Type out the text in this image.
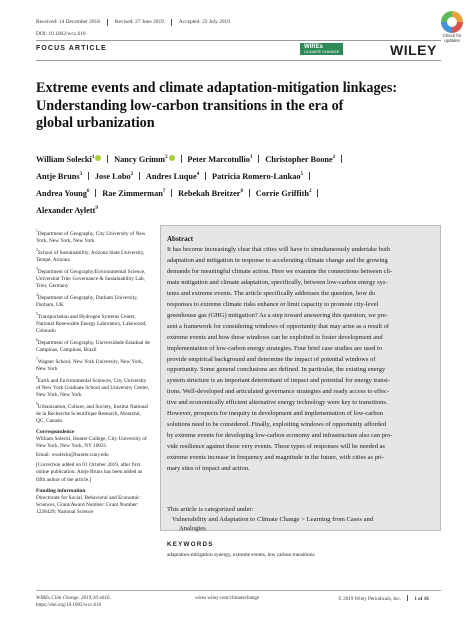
Received: 14 December 2018	Revised: 27 June 2019	Accepted: 23 July 2019
DOI: 10.1002/wcc.616	Check for updates
FOCUS ARTICLE	WIREs
CLIMATE CHANGE	WILEY
Extreme events and climate adaptation-mitigation linkages:
Understanding low-carbon transitions in the era of
global urbanization
William Solecki$^1$ Nancy Grimm$^2$ Peter Marcotullio$^1$ Christopher Boone$^2$
Antje Bruns$^3$ Jose Lobo$^2$ Andres Luque$^4$ Patricia Romero-Lankao$^5$
Andrea Young$^6$ Rae Zimmerman$^7$ Rebekah Breitzer$^8$ Corrie Griffith$^2$
Alexander Aylett$^9$

$^1$Department of Geography, City University of New York, New York, New York

$^2$School of Sustainability, Arizona State University, Tempe, Arizona

$^3$Department of Geography/Environmental Science, Universitat Trier Governance & Sustainability Lab, Trier, Germany

$^4$Department of Geography, Durham University, Durham, UK

$^5$Transportation and Hydrogen Systems Center, National Renewable Energy Laboratory, Lakewood, Colorado

$^6$Department of Geography, Universidade Estadual de Campinas, Campinas, Brazil

$^7$Wagner School, New York University, New York, New York

$^8$Earth and Environmental Sciences, City University of New York Graduate School and University Center, New York, New York

$^9$Urbanisation, Culture, and Society, Institut National de la Recherche Scientifique Research, Montréal, QC, Canada

Correspondence

William Solecki, Hunter College, City University of New York, New York, NY 10031.

Email: wsolecki@hunter.cuny.edu

[Correction added on 01 October 2019, after first online publication: Antje Bruns has been added as fifth author of the article.]

Funding information

Directorate for Social, Behavioral and Economic Sciences, Grant/Award Number: Grant Number: 1228429; National Science

Abstract
It has become increasingly clear that cities will have to simultaneously undertake both
adaptation and mitigation in response to accelerating climate change and the growing
demands for meaningful climate action. Here we examine the connections between cli-
mate mitigation and climate adaptation, specifically, between low-carbon energy sys-
tems and extreme events. The article specifically addresses the question, how do
responses to extreme climate risks enhance or limit capacity to promote city-level
greenhouse gas (GHG) mitigation? As a step toward answering this question, we pre-
sent a framework for considering windows of opportunity that may arise as a result of
extreme events and how these windows can be exploited to foster development and
implementation of low-carbon energy strategies. Four brief case studies are used to
provide empirical background and determine the impact of potential windows of
opportunity. Some general conclusions are defined. In particular, the existing energy
system structure is an important determinant of impact and potential for energy transi-
tions. Well-developed and articulated governance strategies and ready access to effec-
tive and economically efficient alternative energy technology were key to transitions.
However, prospects for inequity in development and implementation of low-carbon
solutions need to be considered. Finally, exploiting windows of opportunity afforded
by extreme events for developing low-carbon economy and infrastructure also can pro-
vide resilience against those very events. These types of responses will be needed as
extreme events increase in frequency and magnitude in the future, with cities as pri-
mary sites of impact and action.
This article is categorized under:
Vulnerability and Adaptation to Climate Change > Learning from Cases and
Analogies
KEYWORDS
adaptation-mitigation synergy, extreme events, low carbon transitions
WIREs Clim Change. 2019;10:e616.
https://doi.org/10.1002/wcc.616
wires.wiley.com/climatechange	© 2019 Wiley Periodicals, Inc.	1 of 16
